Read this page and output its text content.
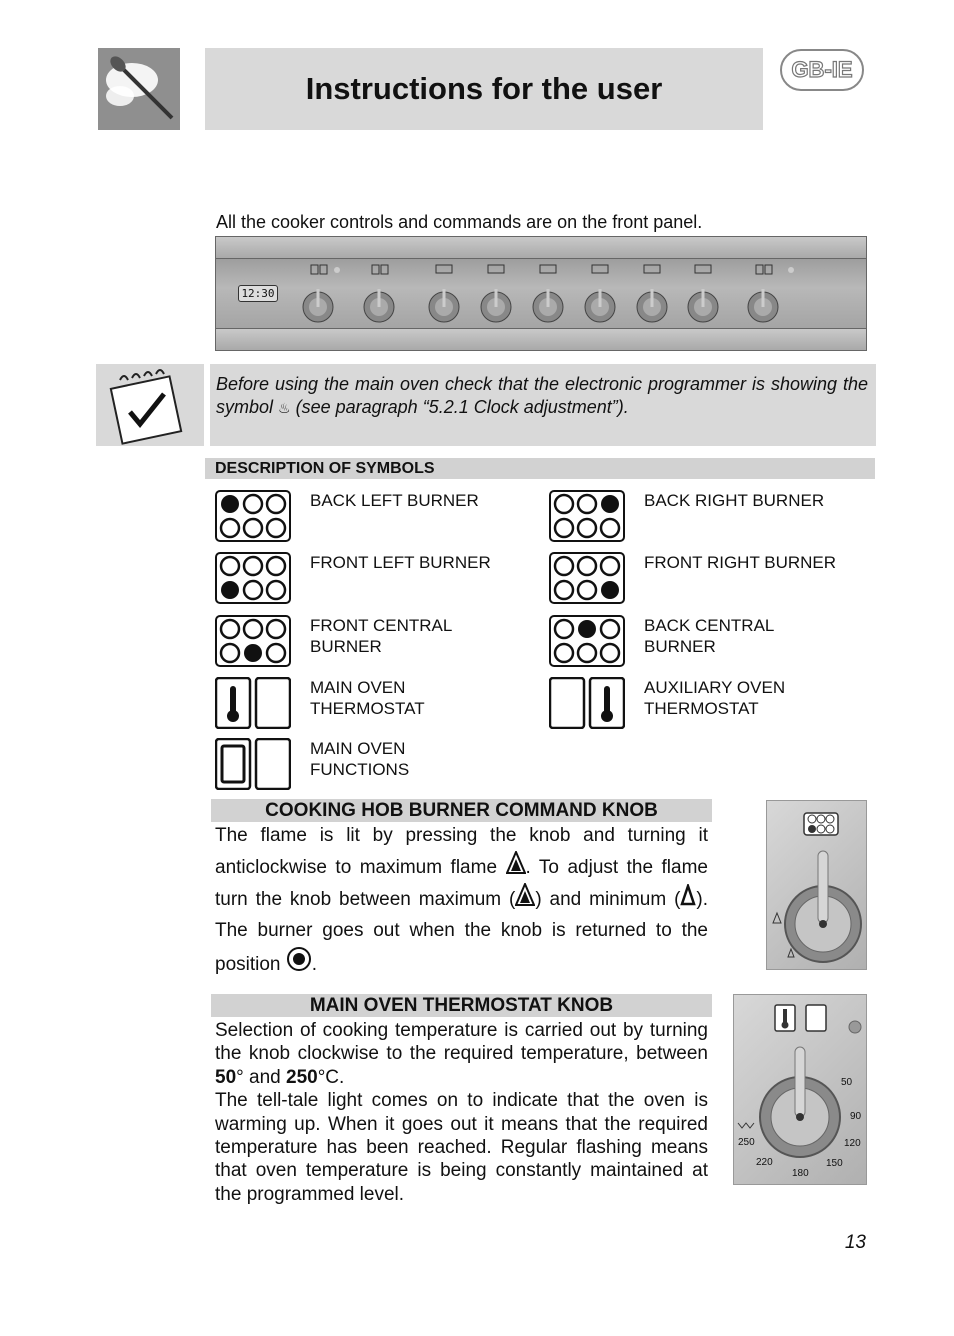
Instructions for the user
GB-IE
All the cooker controls and commands are on the front panel.
12:30
Before using the main oven check that the electronic programmer is showing the symbol ♨ (see paragraph “5.2.1 Clock adjustment”).
DESCRIPTION OF SYMBOLS
BACK LEFT BURNER	BACK RIGHT BURNER
FRONT LEFT BURNER	FRONT RIGHT BURNER
FRONT CENTRAL BURNER
BACK CENTRAL BURNER
MAIN OVEN THERMOSTAT
AUXILIARY OVEN THERMOSTAT
MAIN OVEN FUNCTIONS
COOKING HOB BURNER COMMAND KNOB
The flame is lit by pressing the knob and turning it anticlockwise to maximum flame . To adjust the flame turn the knob between maximum ( ) and minimum ( ). The burner goes out when the knob is returned to the position .
MAIN OVEN THERMOSTAT KNOB
Selection of cooking temperature is carried out by turning the knob clockwise to the required temperature, between 50° and 250°C.
The tell-tale light comes on to indicate that the oven is warming up. When it goes out it means that the required temperature has been reached. Regular flashing means that oven temperature is being constantly maintained at the programmed level.
50
90
120
150
180
220
250
13
